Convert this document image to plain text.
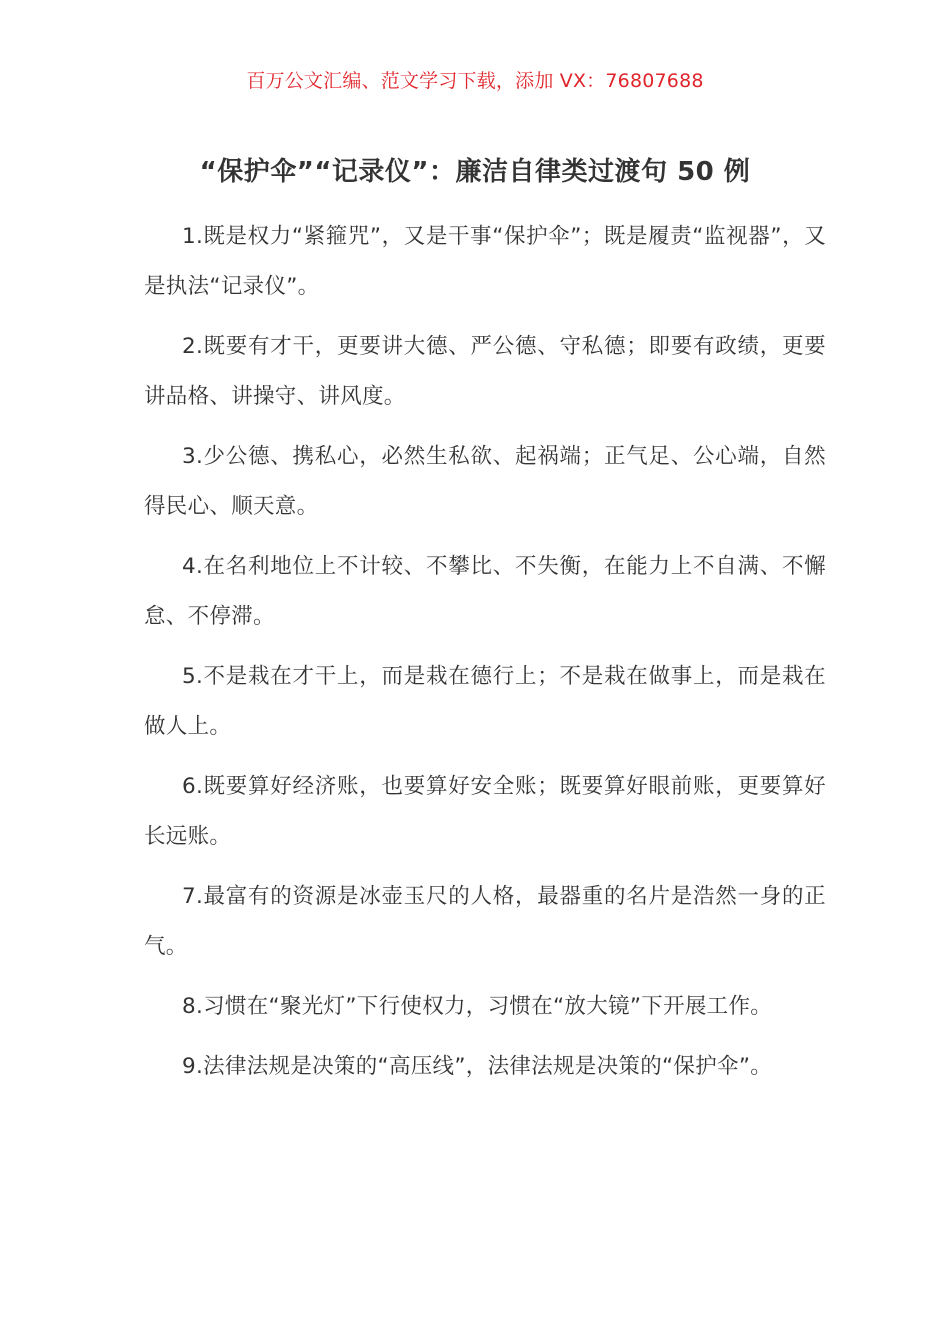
百万公文汇编、范文学习下载，添加 VX：76807688
“保护伞”“记录仪”：廉洁自律类过渡句 50 例

1.既是权力“紧箍咒”，又是干事“保护伞”；既是履责“监视器”，又是执法“记录仪”。

2.既要有才干，更要讲大德、严公德、守私德；即要有政绩，更要讲品格、讲操守、讲风度。

3.少公德、携私心，必然生私欲、起祸端；正气足、公心端，自然得民心、顺天意。

4.在名利地位上不计较、不攀比、不失衡，在能力上不自满、不懈怠、不停滞。

5.不是栽在才干上，而是栽在德行上；不是栽在做事上，而是栽在做人上。

6.既要算好经济账，也要算好安全账；既要算好眼前账，更要算好长远账。

7.最富有的资源是冰壶玉尺的人格，最器重的名片是浩然一身的正气。

8.习惯在“聚光灯”下行使权力，习惯在“放大镜”下开展工作。

9.法律法规是决策的“高压线”，法律法规是决策的“保护伞”。
